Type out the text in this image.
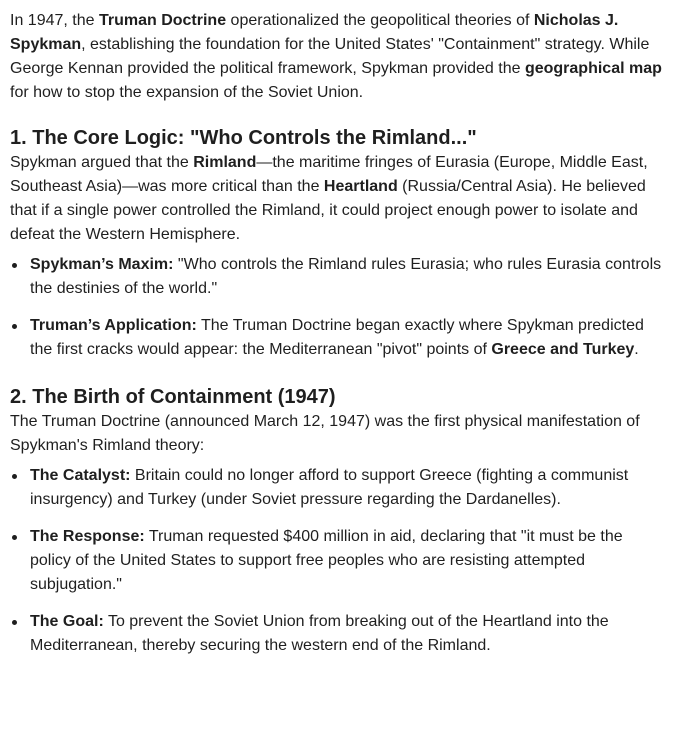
In 1947, the Truman Doctrine operationalized the geopolitical theories of Nicholas J. Spykman, establishing the foundation for the United States' "Containment" strategy. While George Kennan provided the political framework, Spykman provided the geographical map for how to stop the expansion of the Soviet Union.

1. The Core Logic: "Who Controls the Rimland..."

Spykman argued that the Rimland—the maritime fringes of Eurasia (Europe, Middle East, Southeast Asia)—was more critical than the Heartland (Russia/Central Asia). He believed that if a single power controlled the Rimland, it could project enough power to isolate and defeat the Western Hemisphere.

Spykman’s Maxim: "Who controls the Rimland rules Eurasia; who rules Eurasia controls the destinies of the world."
Truman’s Application: The Truman Doctrine began exactly where Spykman predicted the first cracks would appear: the Mediterranean "pivot" points of Greece and Turkey.
2. The Birth of Containment (1947)

The Truman Doctrine (announced March 12, 1947) was the first physical manifestation of Spykman's Rimland theory:

The Catalyst: Britain could no longer afford to support Greece (fighting a communist insurgency) and Turkey (under Soviet pressure regarding the Dardanelles).
The Response: Truman requested $400 million in aid, declaring that "it must be the policy of the United States to support free peoples who are resisting attempted subjugation."
The Goal: To prevent the Soviet Union from breaking out of the Heartland into the Mediterranean, thereby securing the western end of the Rimland.
